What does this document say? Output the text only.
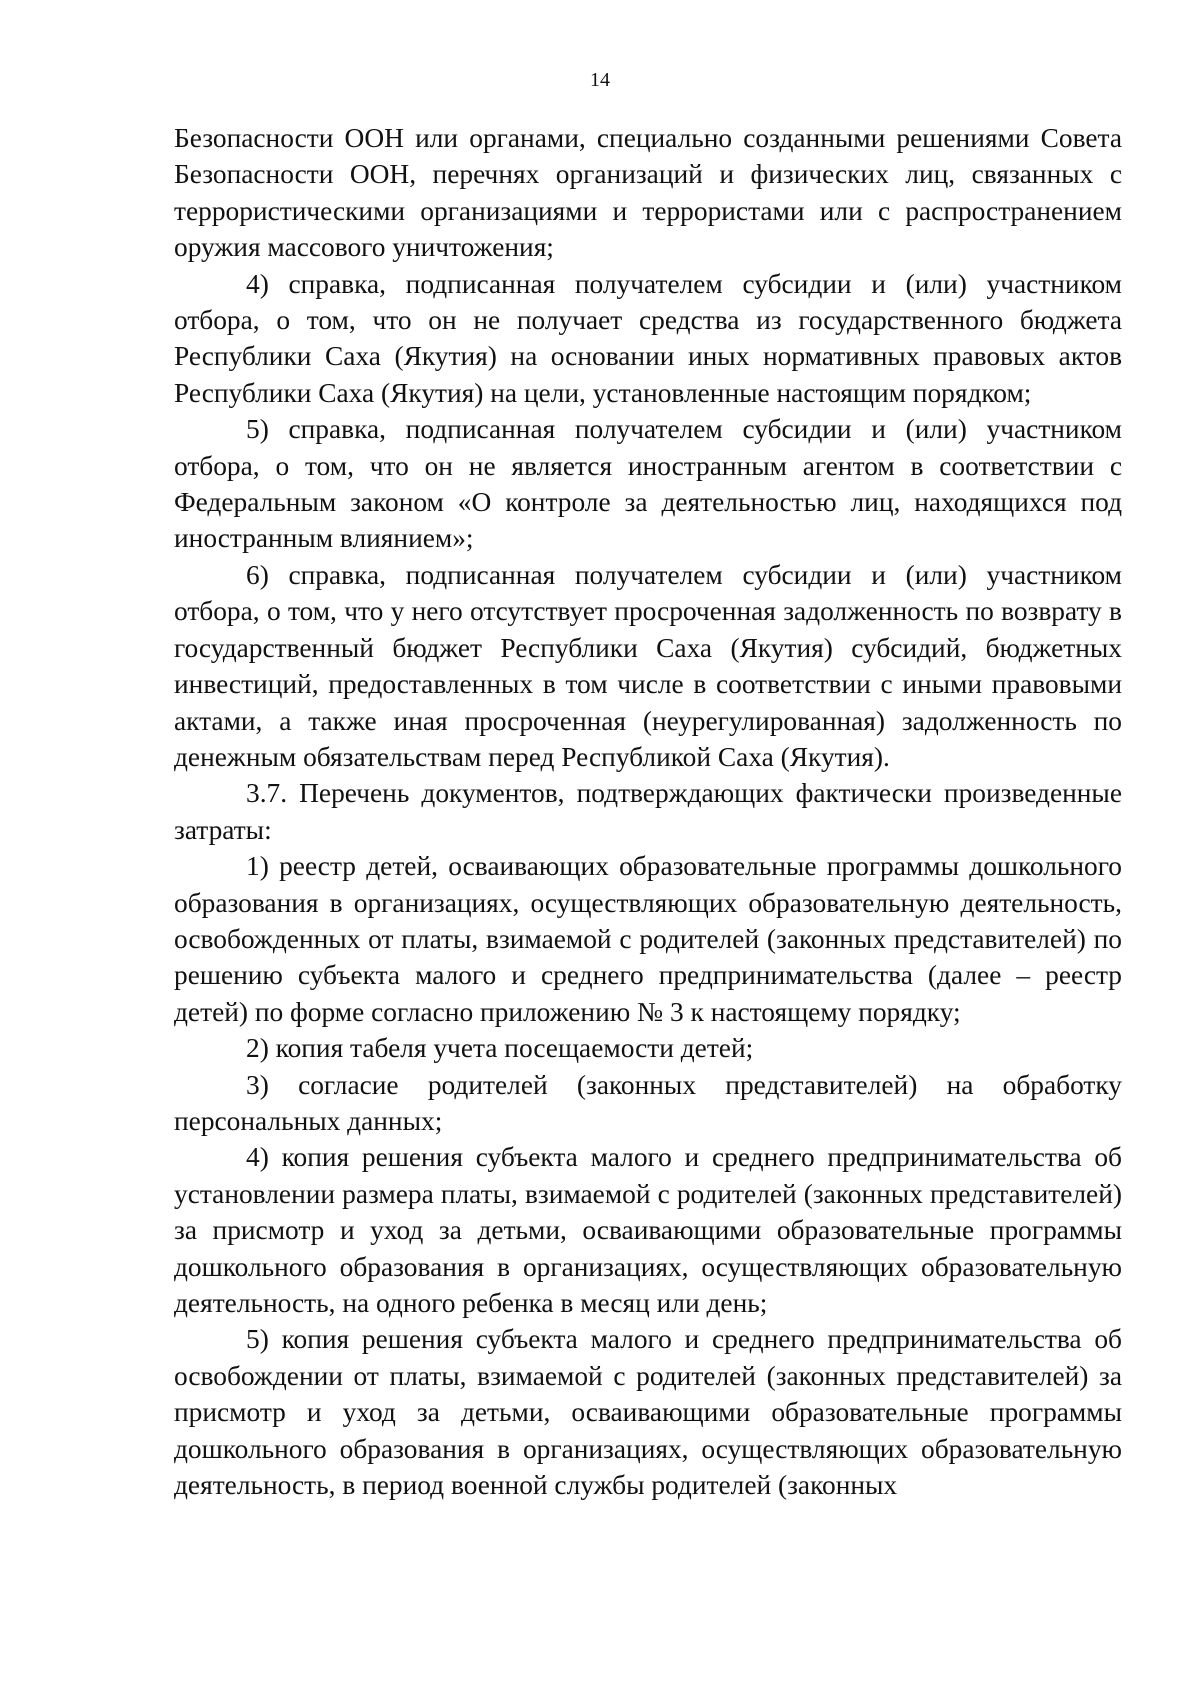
14

Безопасности ООН или органами, специально созданными решениями Совета Безопасности ООН, перечнях организаций и физических лиц, связанных с террористическими организациями и террористами или с распространением оружия массового уничтожения;

4) справка, подписанная получателем субсидии и (или) участником отбора, о том, что он не получает средства из государственного бюджета Республики Саха (Якутия) на основании иных нормативных правовых актов Республики Саха (Якутия) на цели, установленные настоящим порядком;

5) справка, подписанная получателем субсидии и (или) участником отбора, о том, что он не является иностранным агентом в соответствии с Федеральным законом «О контроле за деятельностью лиц, находящихся под иностранным влиянием»;

6) справка, подписанная получателем субсидии и (или) участником отбора, о том, что у него отсутствует просроченная задолженность по возврату в государственный бюджет Республики Саха (Якутия) субсидий, бюджетных инвестиций, предоставленных в том числе в соответствии с иными правовыми актами, а также иная просроченная (неурегулированная) задолженность по денежным обязательствам перед Республикой Саха (Якутия).

3.7. Перечень документов, подтверждающих фактически произведенные затраты:

1) реестр детей, осваивающих образовательные программы дошкольного образования в организациях, осуществляющих образовательную деятельность, освобожденных от платы, взимаемой с родителей (законных представителей) по решению субъекта малого и среднего предпринимательства (далее – реестр детей) по форме согласно приложению № 3 к настоящему порядку;

2) копия табеля учета посещаемости детей;

3) согласие родителей (законных представителей) на обработку персональных данных;

4) копия решения субъекта малого и среднего предпринимательства об установлении размера платы, взимаемой с родителей (законных представителей) за присмотр и уход за детьми, осваивающими образовательные программы дошкольного образования в организациях, осуществляющих образовательную деятельность, на одного ребенка в месяц или день;

5) копия решения субъекта малого и среднего предпринимательства об освобождении от платы, взимаемой с родителей (законных представителей) за присмотр и уход за детьми, осваивающими образовательные программы дошкольного образования в организациях, осуществляющих образовательную деятельность, в период военной службы родителей (законных
